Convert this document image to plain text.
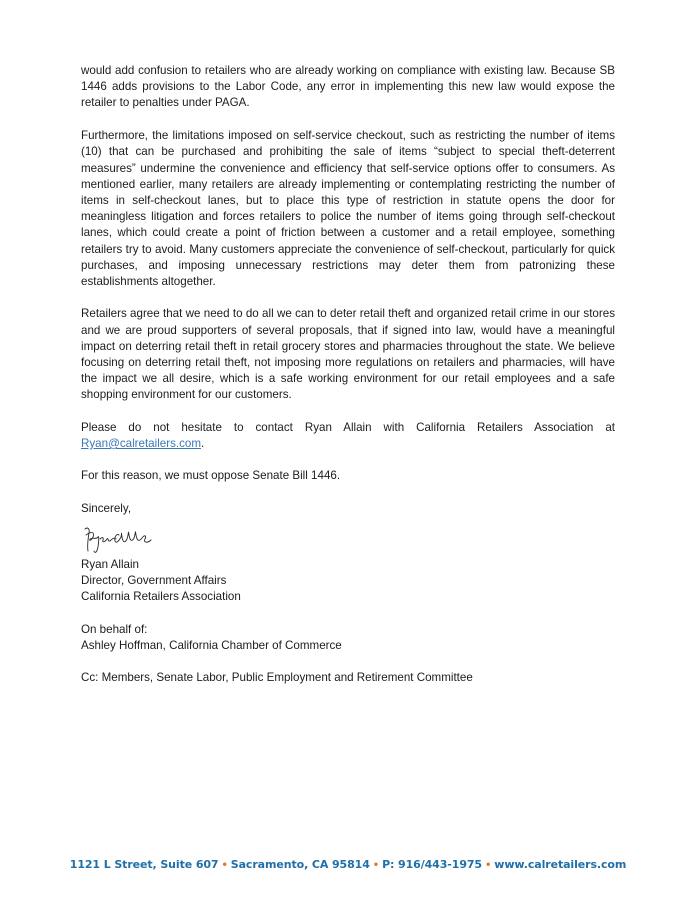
would add confusion to retailers who are already working on compliance with existing law. Because SB 1446 adds provisions to the Labor Code, any error in implementing this new law would expose the retailer to penalties under PAGA.

Furthermore, the limitations imposed on self-service checkout, such as restricting the number of items (10) that can be purchased and prohibiting the sale of items “subject to special theft-deterrent measures” undermine the convenience and efficiency that self-service options offer to consumers. As mentioned earlier, many retailers are already implementing or contemplating restricting the number of items in self-checkout lanes, but to place this type of restriction in statute opens the door for meaningless litigation and forces retailers to police the number of items going through self-checkout lanes, which could create a point of friction between a customer and a retail employee, something retailers try to avoid. Many customers appreciate the convenience of self-checkout, particularly for quick purchases, and imposing unnecessary restrictions may deter them from patronizing these establishments altogether.

Retailers agree that we need to do all we can to deter retail theft and organized retail crime in our stores and we are proud supporters of several proposals, that if signed into law, would have a meaningful impact on deterring retail theft in retail grocery stores and pharmacies throughout the state. We believe focusing on deterring retail theft, not imposing more regulations on retailers and pharmacies, will have the impact we all desire, which is a safe working environment for our retail employees and a safe shopping environment for our customers.

Please do not hesitate to contact Ryan Allain with California Retailers Association at Ryan@calretailers.com.

For this reason, we must oppose Senate Bill 1446.

Sincerely,

Ryan Allain

Director, Government Affairs

California Retailers Association

On behalf of:

Ashley Hoffman, California Chamber of Commerce

Cc: Members, Senate Labor, Public Employment and Retirement Committee

1121 L Street, Suite 607 • Sacramento, CA 95814 • P: 916/443-1975 • www.calretailers.com
